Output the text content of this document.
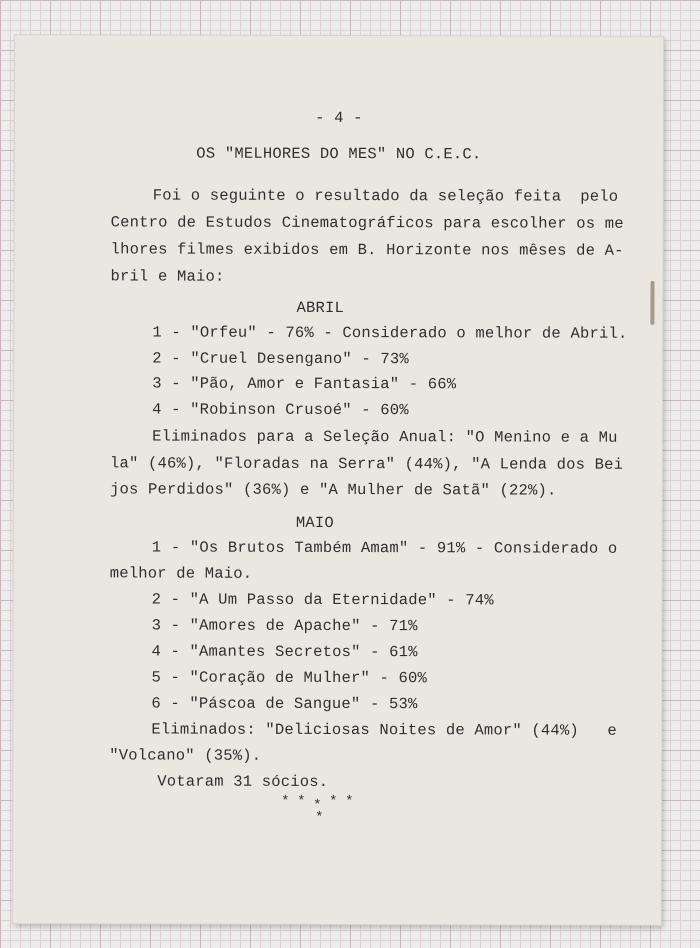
- 4 -
OS "MELHORES DO MES" NO C.E.C.
Foi o seguinte o resultado da seleção feita  pelo
Centro de Estudos Cinematográficos para escolher os me
lhores filmes exibidos em B. Horizonte nos mêses de A-
bril e Maio:
ABRIL
1 - "Orfeu" - 76% - Considerado o melhor de Abril.
2 - "Cruel Desengano" - 73%
3 - "Pão, Amor e Fantasia" - 66%
4 - "Robinson Crusoé" - 60%
Eliminados para a Seleção Anual: "O Menino e a Mu
la" (46%), "Floradas na Serra" (44%), "A Lenda dos Bei
jos Perdidos" (36%) e "A Mulher de Satã" (22%).
MAIO
1 - "Os Brutos Também Amam" - 91% - Considerado o
melhor de Maio.
2 - "A Um Passo da Eternidade" - 74%
3 - "Amores de Apache" - 71%
4 - "Amantes Secretos" - 61%
5 - "Coração de Mulher" - 60%
6 - "Páscoa de Sangue" - 53%
Eliminados: "Deliciosas Noites de Amor" (44%)   e
"Volcano" (35%).
Votaram 31 sócios.
* * * * *
*
